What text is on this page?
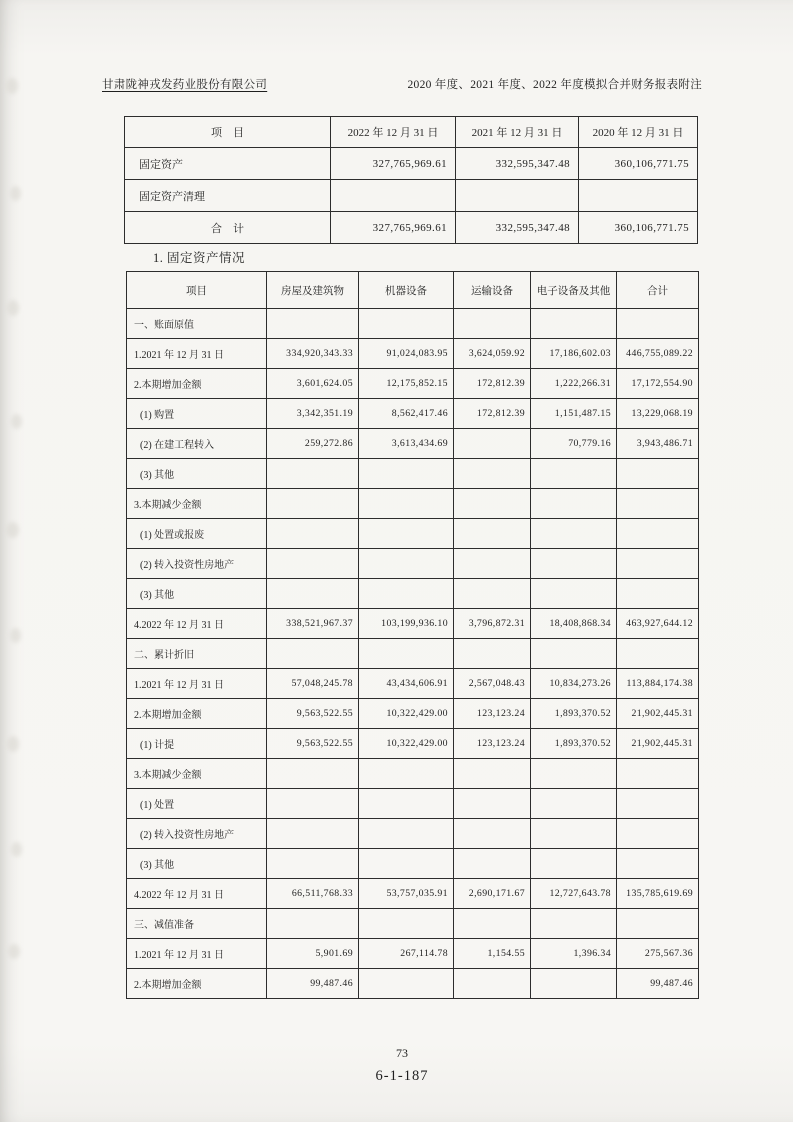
甘肃陇神戎发药业股份有限公司	2020 年度、2021 年度、2022 年度模拟合并财务报表附注
项　目	2022 年 12 月 31 日	2021 年 12 月 31 日	2020 年 12 月 31 日
固定资产	327,765,969.61	332,595,347.48	360,106,771.75
固定资产清理			
合　计	327,765,969.61	332,595,347.48	360,106,771.75
1. 固定资产情况
项目	房屋及建筑物	机器设备	运输设备	电子设备及其他	合计
一、账面原值					
1.2021 年 12 月 31 日	334,920,343.33	91,024,083.95	3,624,059.92	17,186,602.03	446,755,089.22
2.本期增加金额	3,601,624.05	12,175,852.15	172,812.39	1,222,266.31	17,172,554.90
(1) 购置	3,342,351.19	8,562,417.46	172,812.39	1,151,487.15	13,229,068.19
(2) 在建工程转入	259,272.86	3,613,434.69		70,779.16	3,943,486.71
(3) 其他					
3.本期减少金额					
(1) 处置或报废					
(2) 转入投资性房地产					
(3) 其他					
4.2022 年 12 月 31 日	338,521,967.37	103,199,936.10	3,796,872.31	18,408,868.34	463,927,644.12
二、累计折旧					
1.2021 年 12 月 31 日	57,048,245.78	43,434,606.91	2,567,048.43	10,834,273.26	113,884,174.38
2.本期增加金额	9,563,522.55	10,322,429.00	123,123.24	1,893,370.52	21,902,445.31
(1) 计提	9,563,522.55	10,322,429.00	123,123.24	1,893,370.52	21,902,445.31
3.本期减少金额					
(1) 处置					
(2) 转入投资性房地产					
(3) 其他					
4.2022 年 12 月 31 日	66,511,768.33	53,757,035.91	2,690,171.67	12,727,643.78	135,785,619.69
三、减值准备					
1.2021 年 12 月 31 日	5,901.69	267,114.78	1,154.55	1,396.34	275,567.36
2.本期增加金额	99,487.46				99,487.46
73
6-1-187
